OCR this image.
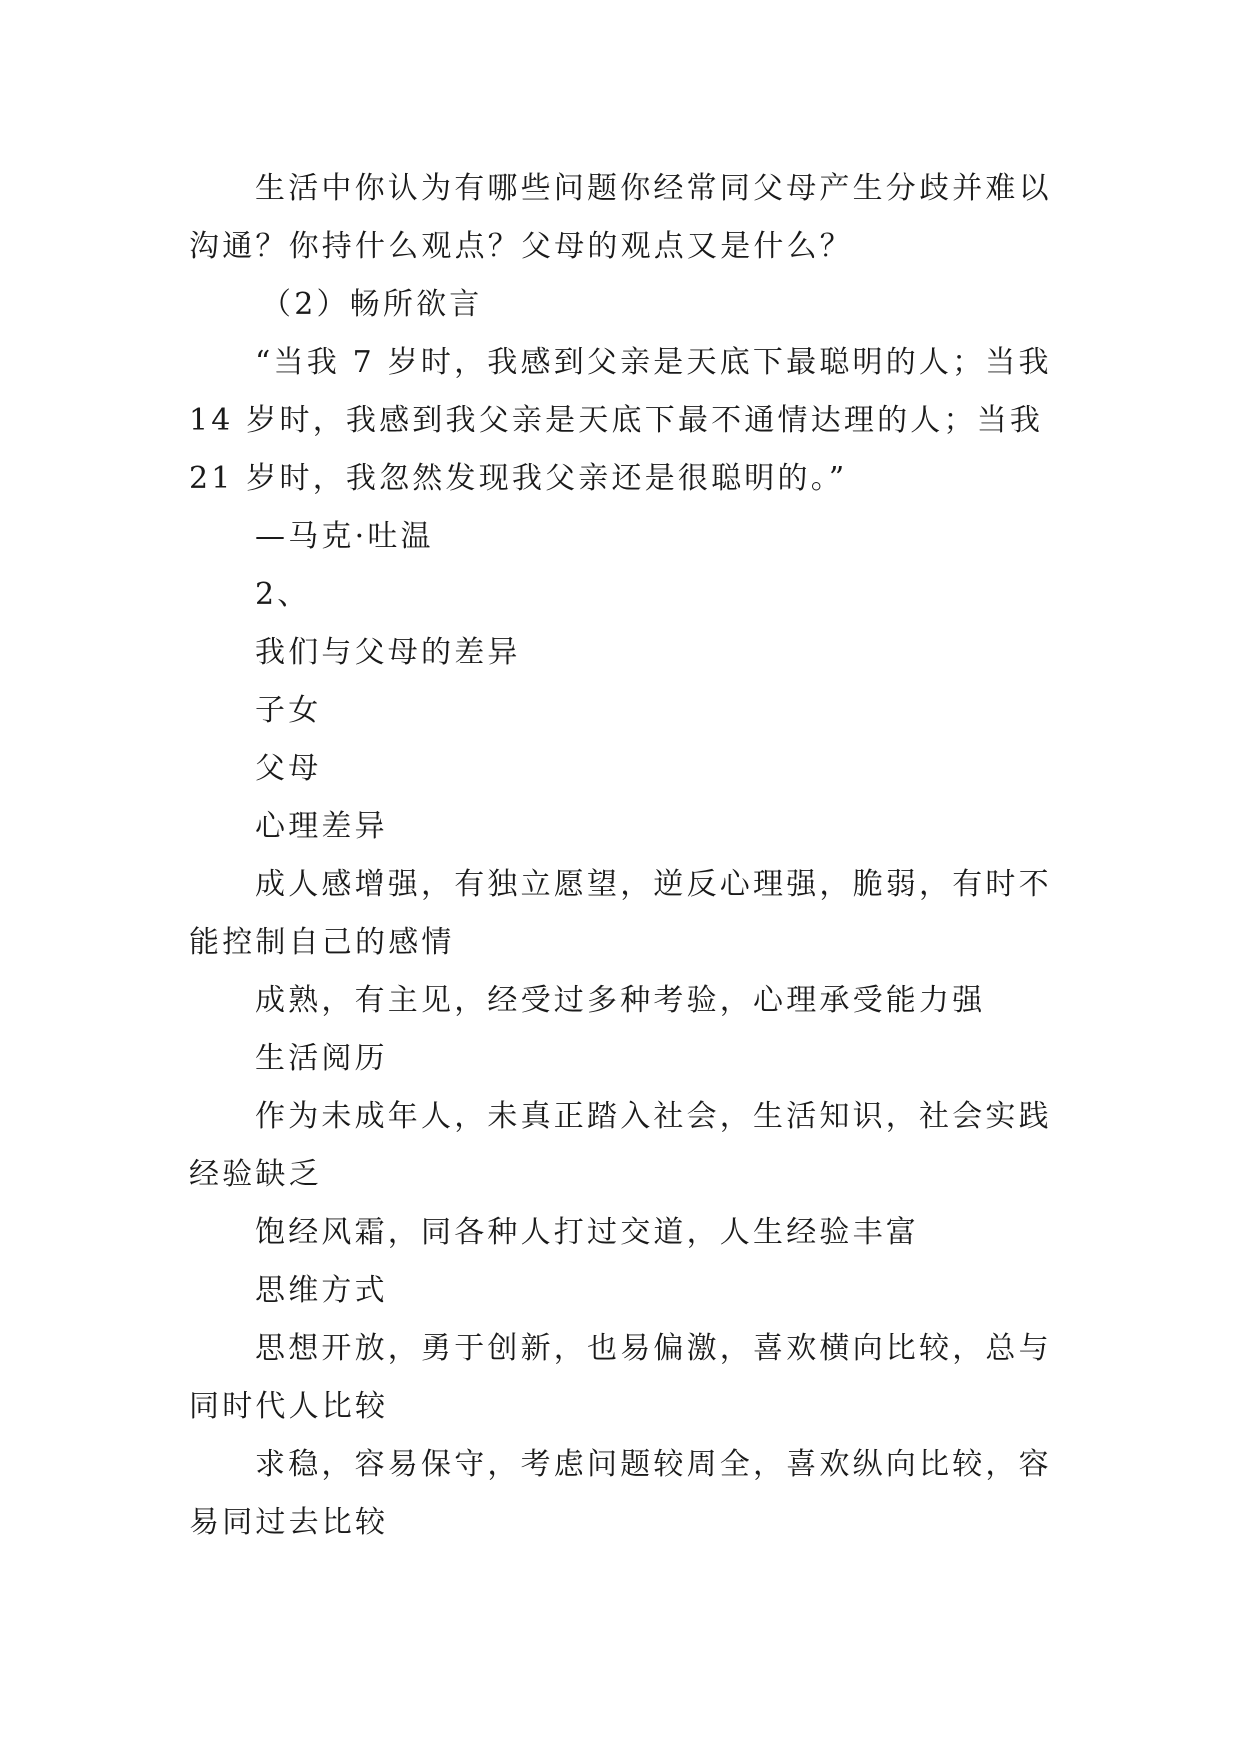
生活中你认为有哪些问题你经常同父母产生分歧并难以沟通？你持什么观点？父母的观点又是什么？

（2）畅所欲言

“当我 7 岁时，我感到父亲是天底下最聪明的人；当我 14 岁时，我感到我父亲是天底下最不通情达理的人；当我 21 岁时，我忽然发现我父亲还是很聪明的。”

—马克·吐温

2、

我们与父母的差异

子女

父母

心理差异

成人感增强，有独立愿望，逆反心理强，脆弱，有时不能控制自己的感情

成熟，有主见，经受过多种考验，心理承受能力强

生活阅历

作为未成年人，未真正踏入社会，生活知识，社会实践经验缺乏

饱经风霜，同各种人打过交道，人生经验丰富

思维方式

思想开放，勇于创新，也易偏激，喜欢横向比较，总与同时代人比较

求稳，容易保守，考虑问题较周全，喜欢纵向比较，容易同过去比较
